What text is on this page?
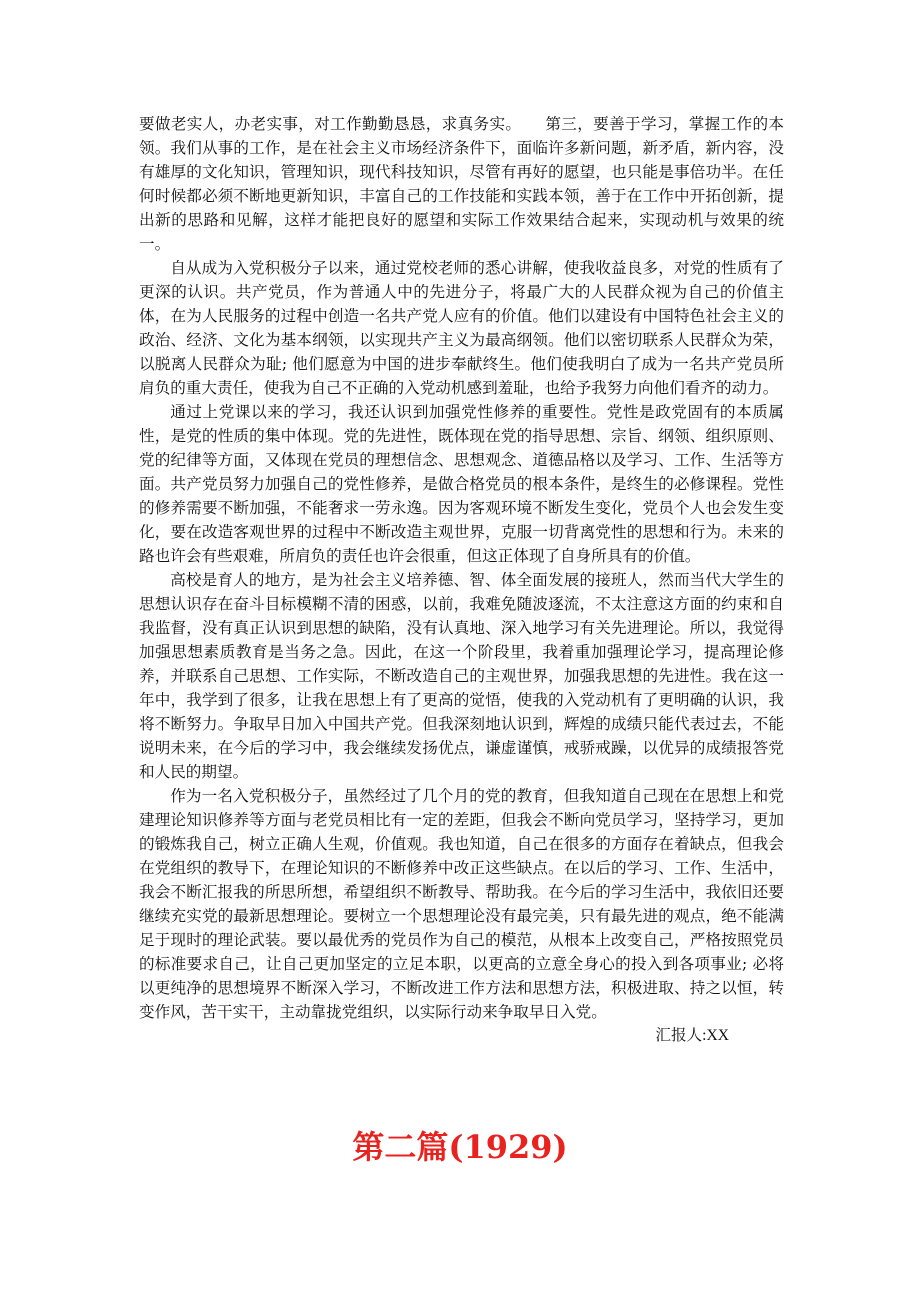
要做老实人，办老实事，对工作勤勤恳恳，求真务实。　　第三，要善于学习，掌握工作的本领。我们从事的工作，是在社会主义市场经济条件下，面临许多新问题，新矛盾，新内容，没有雄厚的文化知识，管理知识，现代科技知识，尽管有再好的愿望，也只能是事倍功半。在任何时候都必须不断地更新知识，丰富自己的工作技能和实践本领，善于在工作中开拓创新，提出新的思路和见解，这样才能把良好的愿望和实际工作效果结合起来，实现动机与效果的统一。

自从成为入党积极分子以来，通过党校老师的悉心讲解，使我收益良多，对党的性质有了更深的认识。共产党员，作为普通人中的先进分子，将最广大的人民群众视为自己的价值主体，在为人民服务的过程中创造一名共产党人应有的价值。他们以建设有中国特色社会主义的政治、经济、文化为基本纲领，以实现共产主义为最高纲领。他们以密切联系人民群众为荣，以脱离人民群众为耻; 他们愿意为中国的进步奉献终生。他们使我明白了成为一名共产党员所肩负的重大责任，使我为自己不正确的入党动机感到羞耻，也给予我努力向他们看齐的动力。

通过上党课以来的学习，我还认识到加强党性修养的重要性。党性是政党固有的本质属性，是党的性质的集中体现。党的先进性，既体现在党的指导思想、宗旨、纲领、组织原则、党的纪律等方面，又体现在党员的理想信念、思想观念、道德品格以及学习、工作、生活等方面。共产党员努力加强自己的党性修养，是做合格党员的根本条件，是终生的必修课程。党性的修养需要不断加强，不能奢求一劳永逸。因为客观环境不断发生变化，党员个人也会发生变化，要在改造客观世界的过程中不断改造主观世界，克服一切背离党性的思想和行为。未来的路也许会有些艰难，所肩负的责任也许会很重，但这正体现了自身所具有的价值。

高校是育人的地方，是为社会主义培养德、智、体全面发展的接班人，然而当代大学生的思想认识存在奋斗目标模糊不清的困惑，以前，我难免随波逐流，不太注意这方面的约束和自我监督，没有真正认识到思想的缺陷，没有认真地、深入地学习有关先进理论。所以，我觉得加强思想素质教育是当务之急。因此，在这一个阶段里，我着重加强理论学习，提高理论修养，并联系自己思想、工作实际，不断改造自己的主观世界，加强我思想的先进性。我在这一年中，我学到了很多，让我在思想上有了更高的觉悟，使我的入党动机有了更明确的认识，我将不断努力。争取早日加入中国共产党。但我深刻地认识到，辉煌的成绩只能代表过去，不能说明未来，在今后的学习中，我会继续发扬优点，谦虚谨慎，戒骄戒躁，以优异的成绩报答党和人民的期望。

作为一名入党积极分子，虽然经过了几个月的党的教育，但我知道自己现在在思想上和党建理论知识修养等方面与老党员相比有一定的差距，但我会不断向党员学习，坚持学习，更加的锻炼我自己，树立正确人生观，价值观。我也知道，自己在很多的方面存在着缺点，但我会在党组织的教导下，在理论知识的不断修养中改正这些缺点。在以后的学习、工作、生活中，我会不断汇报我的所思所想，希望组织不断教导、帮助我。在今后的学习生活中，我依旧还要继续充实党的最新思想理论。要树立一个思想理论没有最完美，只有最先进的观点，绝不能满足于现时的理论武装。要以最优秀的党员作为自己的模范，从根本上改变自己，严格按照党员的标准要求自己，让自己更加坚定的立足本职，以更高的立意全身心的投入到各项事业; 必将以更纯净的思想境界不断深入学习，不断改进工作方法和思想方法，积极进取、持之以恒，转变作风，苦干实干，主动靠拢党组织，以实际行动来争取早日入党。

汇报人:XX

第二篇(1929)
